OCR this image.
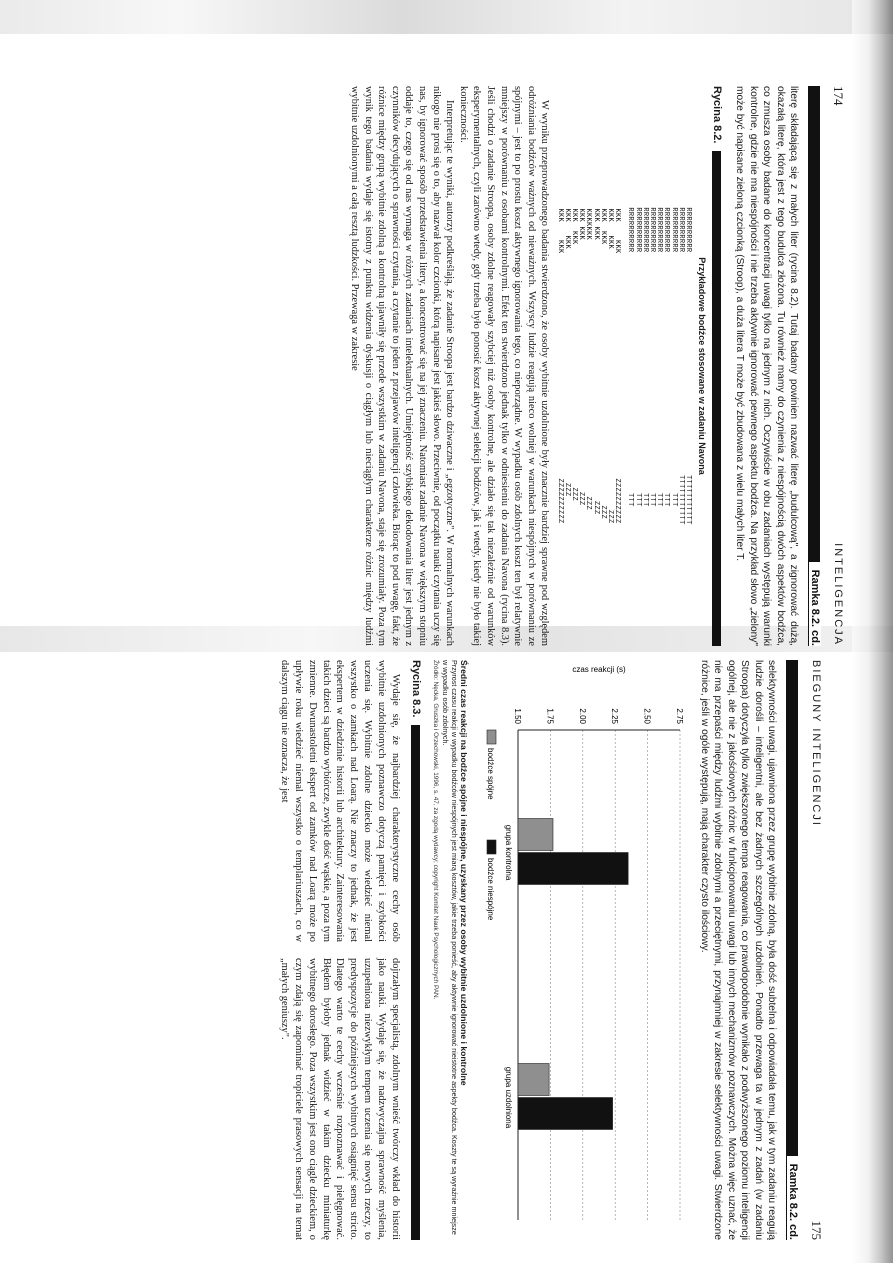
174
INTELIGENCJA
Ramka 8.2. cd.

literę składającą się z małych liter (rycina 8.2). Tutaj badany powinien nazwać literę „budulcową", a zignorować dużą, okazałą literę, która jest z tego budulca złożona. Tu również mamy do czynienia z niespójnością dwóch aspektów bodźca, co zmusza osoby badane do koncentracji uwagi tylko na jednym z nich. Oczywiście w obu zadaniach występują warunki kontrolne, gdzie nie ma niespójności i nie trzeba aktywnie ignorować pewnego aspektu bodźca. Na przykład słowo „zielony" może być napisane zieloną czcionką (Stroop), a duża litera T może być zbudowana z wielu małych liter T.

Rycina 8.2.
Przykładowe bodźce stosowane w zadaniu Navona
RRRRRRRRRR
RRRRRRRRRR
RRRRRRRRRR
RRRRRRRRRR
RRRRRRRRRR
RRRRRRRRRR
RRRRRRRRRR
RRRRRRRRRR
RRRRRRRRRR
TTTTTTTTTTT
TTTTTTTTTTT
TTT
TTT
TTT
TTT
TTT
TTT
TTT
KKK    KKK
KKK   KKK
KKK  KKK
KKK KKK
KKKKKKK
KKK KKK
KKK  KKK
KKK   KKK
KKK    KKK
ZZZZZZZZZZ
ZZZ
ZZZ
ZZZ
ZZZ
ZZZ
ZZZ
ZZZ
ZZZZZZZZZZ

W wyniku przeprowadzonego badania stwierdzono, że osoby wybitnie uzdolnione były znacznie bardziej sprawne pod względem odróżniania bodźców ważnych od nieważnych. Wszyscy ludzie reagują nieco wolniej w warunkach niespójnych w porównaniu ze spójnymi – jest to po prostu koszt aktywnego ignorowania tego, co nieporządne. W wypadku osób zdolnych koszt ten był relatywnie mniejszy w porównaniu z osobami kontrolnymi. Efekt ten stwierdzono jednak tylko w odniesieniu do zadania Navona (rycina 8.3). Jeśli chodzi o zadanie Stroopa, osoby zdolne reagowały szybciej niż osoby kontrolne, ale działo się tak niezależnie od warunków eksperymentalnych, czyli zarówno wtedy, gdy trzeba było ponosić koszt aktywnej selekcji bodźców, jak i wtedy, kiedy nie było takiej konieczności.

Interpretując te wyniki, autorzy podkreślają, że zadanie Stroopa jest bardzo dziwaczne i „egzotyczne". W normalnych warunkach nikogo nie prosi się o to, aby nazwał kolor czcionki, którą napisane jest jakieś słowo. Przeciwnie, od początku nauki czytania uczy się nas, by ignorować sposób przedstawienia litery, a koncentrować się na jej znaczeniu. Natomiast zadanie Navona w większym stopniu oddaje to, czego się od nas wymaga w różnych zadaniach intelektualnych. Umiejętność szybkiego dekodowania liter jest jednym z czynników decydujących o sprawności czytania, a czytanie to jeden z przejawów inteligencji człowieka. Biorąc to pod uwagę, fakt, że różnice między grupą wybitnie zdolną a kontrolną ujawniły się przede wszystkim w zadaniu Navona, staje się zrozumiały. Poza tym wynik tego badania wydaje się istotny z punktu widzenia dyskusji o ciągłym lub nieciągłym charakterze różnic między ludźmi wybitnie uzdolnionymi a całą resztą ludzkości. Przewaga w zakresie

BIEGUNY INTELIGENCJI
175
Ramka 8.2. cd.

selektywności uwagi, ujawniona przez grupę wybitnie zdolną, była dość subtelna i odpowiadała temu, jak w tym zadaniu reagują ludzie dorośli – inteligentni, ale bez żadnych szczególnych uzdolnień. Ponadto przewaga ta w jednym z zadań (w zadaniu Stroopa) dotyczyła tylko zwiększonego tempa reagowania, co prawdopodobnie wynikało z podwyższonego poziomu inteligencji ogólnej, ale nie z jakościowych różnic w funkcjonowaniu uwagi lub innych mechanizmów poznawczych. Można więc uznać, że nie ma przepaści między ludźmi wybitnie zdolnymi a przeciętnymi, przynajmniej w zakresie selektywności uwagi. Stwierdzone różnice, jeśli w ogóle występują, mają charakter czysto ilościowy.

czas reakcji (s)
1.50	1.75	2.00	2.25	2.50	2.75
grupa kontrolna
grupa uzdolniona
bodźce spójne
bodźce niespójne
Średni czas reakcji na bodźce spójne i niespójne, uzyskany przez osoby wybitnie uzdolnione i kontrolne
Przyrost czasu reakcji w wypadku bodźców niespójnych jest miarą kosztów, jakie trzeba ponieść, aby aktywnie ignorować nieistotne aspekty bodźca. Koszty te są wyraźnie mniejsze w wypadku osób zdolnych.
Źródło: Nęcka, Gruszka i Orzechowski, 1996, s. 47, za zgodą wydawcy; copyright Komitet Nauk Psychologicznych PAN.
Rycina 8.3.

Wydaje się, że najbardziej charakterystyczne cechy osób wybitnie uzdolnionych poznawczo dotyczą pamięci i szybkości uczenia się. Wybitnie zdolne dziecko może wiedzieć niemal wszystko o zamkach nad Loarą. Nie znaczy to jednak, że jest ekspertem w dziedzinie historii lub architektury. Zainteresowania takich dzieci są bardzo wybiórcze, zwykle dość wąskie, a poza tym zmienne. Dwunastoletni ekspert od zamków nad Loarą może po upływie roku wiedzieć niemal wszystko o templariuszach, co w dalszym ciągu nie oznacza, że jest

dojrzałym specjalistą, zdolnym wnieść twórczy wkład do historii jako nauki. Wydaje się, że nadzwyczajna sprawność myślenia, uzupełniona niezwykłym tempem uczenia się nowych rzeczy, to predyspozycje do późniejszych wybitnych osiągnięć sensu stricto. Dlatego warto te cechy wcześnie rozpoznawać i pielęgnować. Błędem byłoby jednak widzieć w takim dziecku miniaturkę wybitnego dorosłego. Poza wszystkim jest ono ciągle dzieckiem, o czym zdają się zapominać tropiciele prasowych sensacji na temat „małych geniuszy".
